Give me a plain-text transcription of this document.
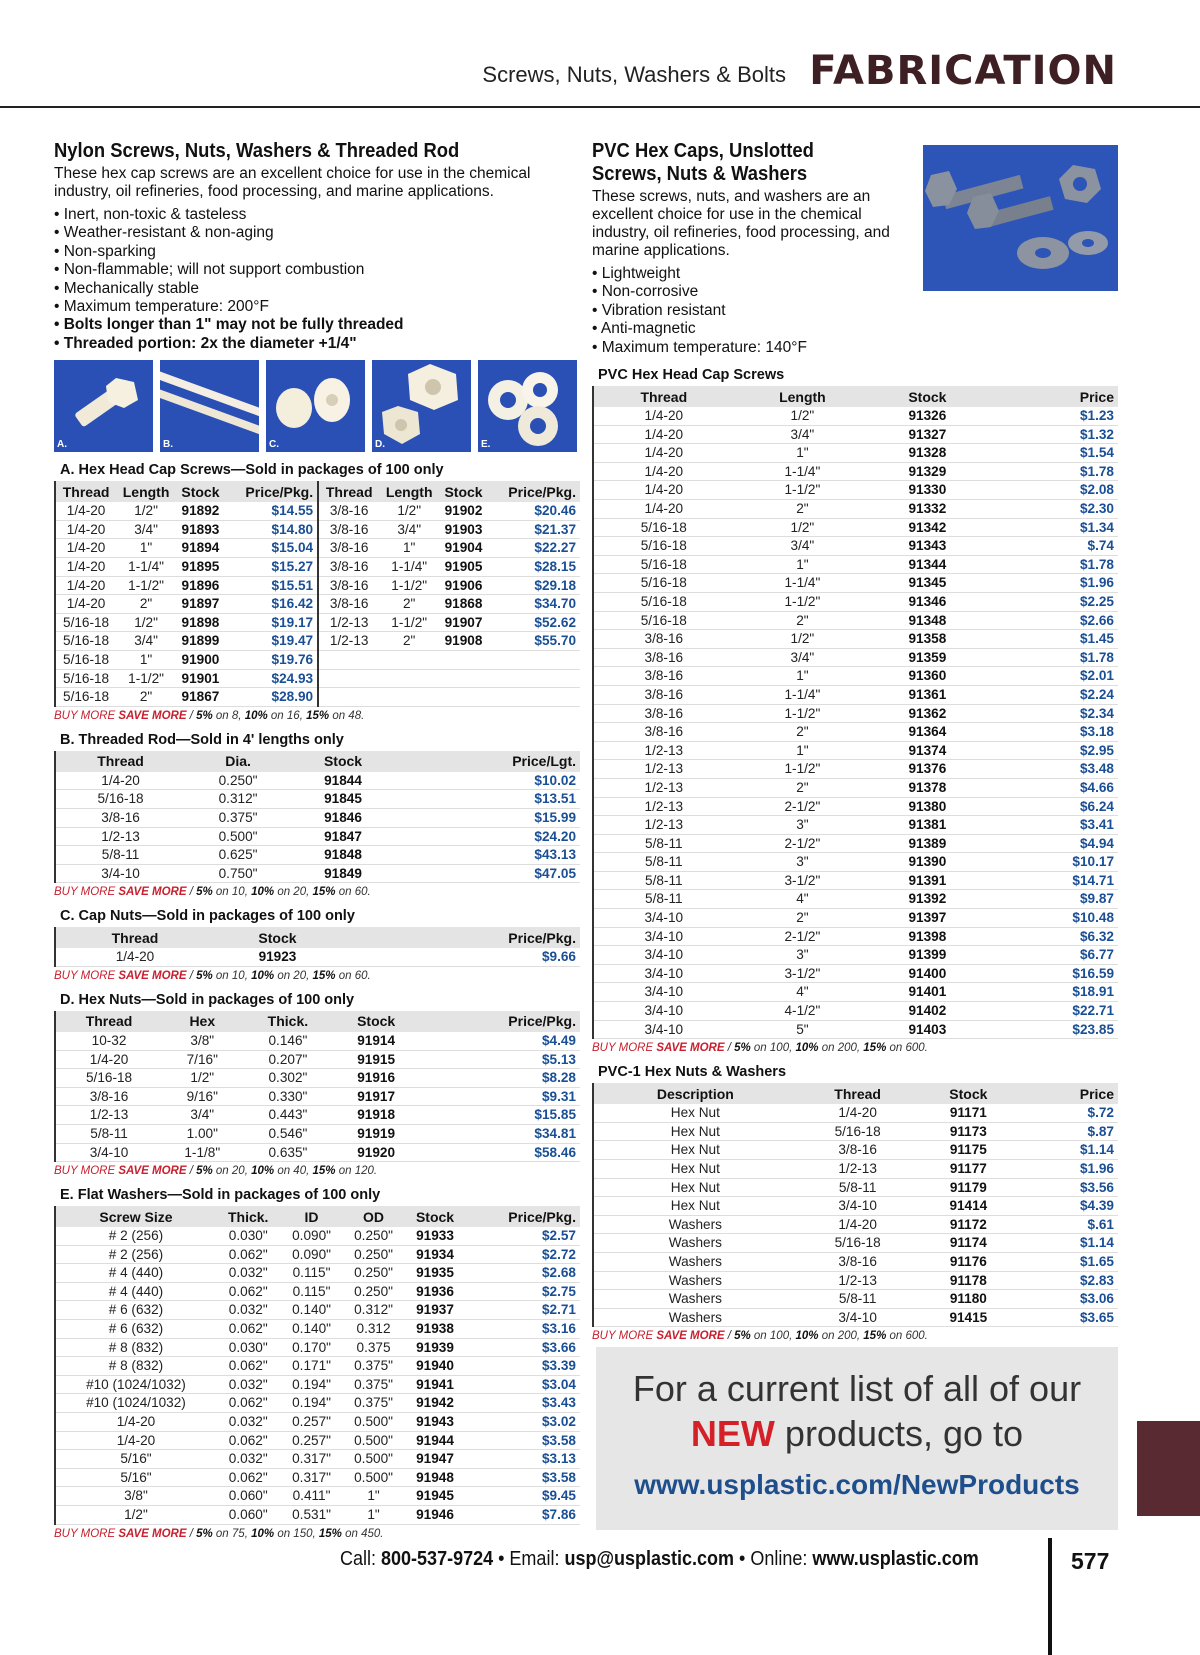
Screws, Nuts, Washers & Bolts FABRICATION
Nylon Screws, Nuts, Washers & Threaded Rod

These hex cap screws are an excellent choice for use in the chemical industry, oil refineries, food processing, and marine applications.

• Inert, non-toxic & tasteless
• Weather-resistant & non-aging
• Non-sparking
• Non-flammable; will not support combustion
• Mechanically stable
• Maximum temperature: 200°F
• Bolts longer than 1" may not be fully threaded
• Threaded portion: 2x the diameter +1/4"
A.	B.	C.	D.	E.
A. Hex Head Cap Screws—Sold in packages of 100 only
Thread	Length	Stock	Price/Pkg.	Thread	Length	Stock	Price/Pkg.
1/4-20	1/2"	91892	$14.55	3/8-16	1/2"	91902	$20.46
1/4-20	3/4"	91893	$14.80	3/8-16	3/4"	91903	$21.37
1/4-20	1"	91894	$15.04	3/8-16	1"	91904	$22.27
1/4-20	1-1/4"	91895	$15.27	3/8-16	1-1/4"	91905	$28.15
1/4-20	1-1/2"	91896	$15.51	3/8-16	1-1/2"	91906	$29.18
1/4-20	2"	91897	$16.42	3/8-16	2"	91868	$34.70
5/16-18	1/2"	91898	$19.17	1/2-13	1-1/2"	91907	$52.62
5/16-18	3/4"	91899	$19.47	1/2-13	2"	91908	$55.70
5/16-18	1"	91900	$19.76				
5/16-18	1-1/2"	91901	$24.93				
5/16-18	2"	91867	$28.90				
BUY MORE SAVE MORE / 5% on 8, 10% on 16, 15% on 48.
B. Threaded Rod—Sold in 4' lengths only
Thread	Dia.	Stock	Price/Lgt.
1/4-20	0.250"	91844	$10.02
5/16-18	0.312"	91845	$13.51
3/8-16	0.375"	91846	$15.99
1/2-13	0.500"	91847	$24.20
5/8-11	0.625"	91848	$43.13
3/4-10	0.750"	91849	$47.05
BUY MORE SAVE MORE / 5% on 10, 10% on 20, 15% on 60.
C. Cap Nuts—Sold in packages of 100 only
Thread	Stock	Price/Pkg.
1/4-20	91923	$9.66
BUY MORE SAVE MORE / 5% on 10, 10% on 20, 15% on 60.
D. Hex Nuts—Sold in packages of 100 only
Thread	Hex	Thick.	Stock	Price/Pkg.
10-32	3/8"	0.146"	91914	$4.49
1/4-20	7/16"	0.207"	91915	$5.13
5/16-18	1/2"	0.302"	91916	$8.28
3/8-16	9/16"	0.330"	91917	$9.31
1/2-13	3/4"	0.443"	91918	$15.85
5/8-11	1.00"	0.546"	91919	$34.81
3/4-10	1-1/8"	0.635"	91920	$58.46
BUY MORE SAVE MORE / 5% on 20, 10% on 40, 15% on 120.
E. Flat Washers—Sold in packages of 100 only
Screw Size	Thick.	ID	OD	Stock	Price/Pkg.
# 2 (256)	0.030"	0.090"	0.250"	91933	$2.57
# 2 (256)	0.062"	0.090"	0.250"	91934	$2.72
# 4 (440)	0.032"	0.115"	0.250"	91935	$2.68
# 4 (440)	0.062"	0.115"	0.250"	91936	$2.75
# 6 (632)	0.032"	0.140"	0.312"	91937	$2.71
# 6 (632)	0.062"	0.140"	0.312	91938	$3.16
# 8 (832)	0.030"	0.170"	0.375	91939	$3.66
# 8 (832)	0.062"	0.171"	0.375"	91940	$3.39
#10 (1024/1032)	0.032"	0.194"	0.375"	91941	$3.04
#10 (1024/1032)	0.062"	0.194"	0.375"	91942	$3.43
1/4-20	0.032"	0.257"	0.500"	91943	$3.02
1/4-20	0.062"	0.257"	0.500"	91944	$3.58
5/16"	0.032"	0.317"	0.500"	91947	$3.13
5/16"	0.062"	0.317"	0.500"	91948	$3.58
3/8"	0.060"	0.411"	1"	91945	$9.45
1/2"	0.060"	0.531"	1"	91946	$7.86
BUY MORE SAVE MORE / 5% on 75, 10% on 150, 15% on 450.
PVC Hex Caps, Unslotted Screws, Nuts & Washers

These screws, nuts, and washers are an excellent choice for use in the chemical industry, oil refineries, food processing, and marine applications.

• Lightweight
• Non-corrosive
• Vibration resistant
• Anti-magnetic
• Maximum temperature: 140°F
PVC Hex Head Cap Screws
Thread	Length	Stock	Price
1/4-20	1/2"	91326	$1.23
1/4-20	3/4"	91327	$1.32
1/4-20	1"	91328	$1.54
1/4-20	1-1/4"	91329	$1.78
1/4-20	1-1/2"	91330	$2.08
1/4-20	2"	91332	$2.30
5/16-18	1/2"	91342	$1.34
5/16-18	3/4"	91343	$.74
5/16-18	1"	91344	$1.78
5/16-18	1-1/4"	91345	$1.96
5/16-18	1-1/2"	91346	$2.25
5/16-18	2"	91348	$2.66
3/8-16	1/2"	91358	$1.45
3/8-16	3/4"	91359	$1.78
3/8-16	1"	91360	$2.01
3/8-16	1-1/4"	91361	$2.24
3/8-16	1-1/2"	91362	$2.34
3/8-16	2"	91364	$3.18
1/2-13	1"	91374	$2.95
1/2-13	1-1/2"	91376	$3.48
1/2-13	2"	91378	$4.66
1/2-13	2-1/2"	91380	$6.24
1/2-13	3"	91381	$3.41
5/8-11	2-1/2"	91389	$4.94
5/8-11	3"	91390	$10.17
5/8-11	3-1/2"	91391	$14.71
5/8-11	4"	91392	$9.87
3/4-10	2"	91397	$10.48
3/4-10	2-1/2"	91398	$6.32
3/4-10	3"	91399	$6.77
3/4-10	3-1/2"	91400	$16.59
3/4-10	4"	91401	$18.91
3/4-10	4-1/2"	91402	$22.71
3/4-10	5"	91403	$23.85
BUY MORE SAVE MORE / 5% on 100, 10% on 200, 15% on 600.
PVC-1 Hex Nuts & Washers
Description	Thread	Stock	Price
Hex Nut	1/4-20	91171	$.72
Hex Nut	5/16-18	91173	$.87
Hex Nut	3/8-16	91175	$1.14
Hex Nut	1/2-13	91177	$1.96
Hex Nut	5/8-11	91179	$3.56
Hex Nut	3/4-10	91414	$4.39
Washers	1/4-20	91172	$.61
Washers	5/16-18	91174	$1.14
Washers	3/8-16	91176	$1.65
Washers	1/2-13	91178	$2.83
Washers	5/8-11	91180	$3.06
Washers	3/4-10	91415	$3.65
BUY MORE SAVE MORE / 5% on 100, 10% on 200, 15% on 600.
For a current list of all of our
NEW products, go to
www.usplastic.com/NewProducts
Call: 800-537-9724 • Email: usp@usplastic.com • Online: www.usplastic.com	577
